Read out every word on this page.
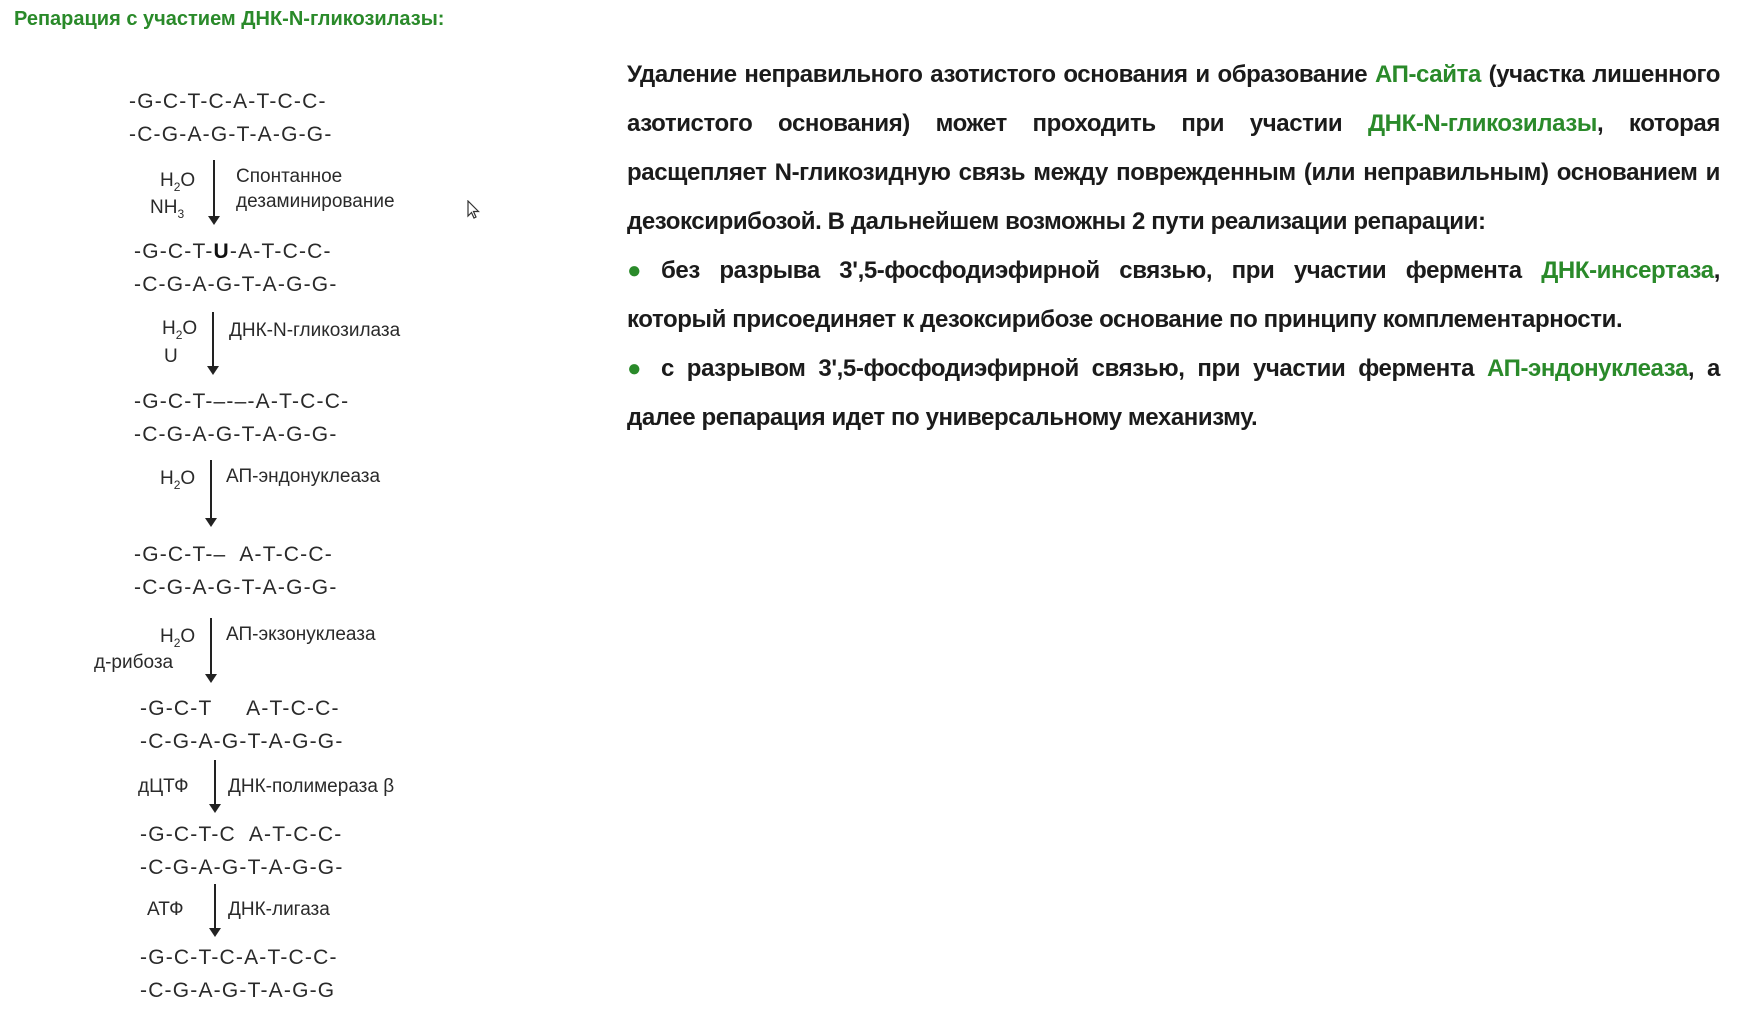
Репарация с участием ДНК-N-гликозилазы:
-G-C-T-C-A-T-C-C-
-C-G-A-G-T-A-G-G-
$H_2O$
$NH_3$
Спонтанное
дезаминирование
-G-C-T-U-A-T-C-C-
-C-G-A-G-T-A-G-G-
$H_2O$
U
ДНК-N-гликозилаза
-G-C-T-–-–-A-T-C-C-
-C-G-A-G-T-A-G-G-
$H_2O$ АП-эндонуклеаза
-G-C-T-–  A-T-C-C-
-C-G-A-G-T-A-G-G-
$H_2O$
д-рибоза
АП-экзонуклеаза
-G-C-T     A-T-C-C-
-C-G-A-G-T-A-G-G-
дЦТФ ДНК-полимераза β
-G-C-T-C  A-T-C-C-
-C-G-A-G-T-A-G-G-
АТФ ДНК-лигаза
-G-C-T-C-A-T-C-C-
-C-G-A-G-T-A-G-G

Удаление неправильного азотистого основания и образование АП-сайта (участка лишенного азотистого основания) может проходить при участии ДНК-N-гликозилазы, которая расщепляет N-гликозидную связь между поврежденным (или неправильным) основанием и дезоксирибозой. В дальнейшем возможны 2 пути реализации репарации:

● без разрыва 3',5-фосфодиэфирной связью, при участии фермента ДНК-инсертаза, который присоединяет к дезоксирибозе основание по принципу комплементарности.

● с разрывом 3',5-фосфодиэфирной связью, при участии фермента АП-эндонуклеаза, а далее репарация идет по универсальному механизму.
